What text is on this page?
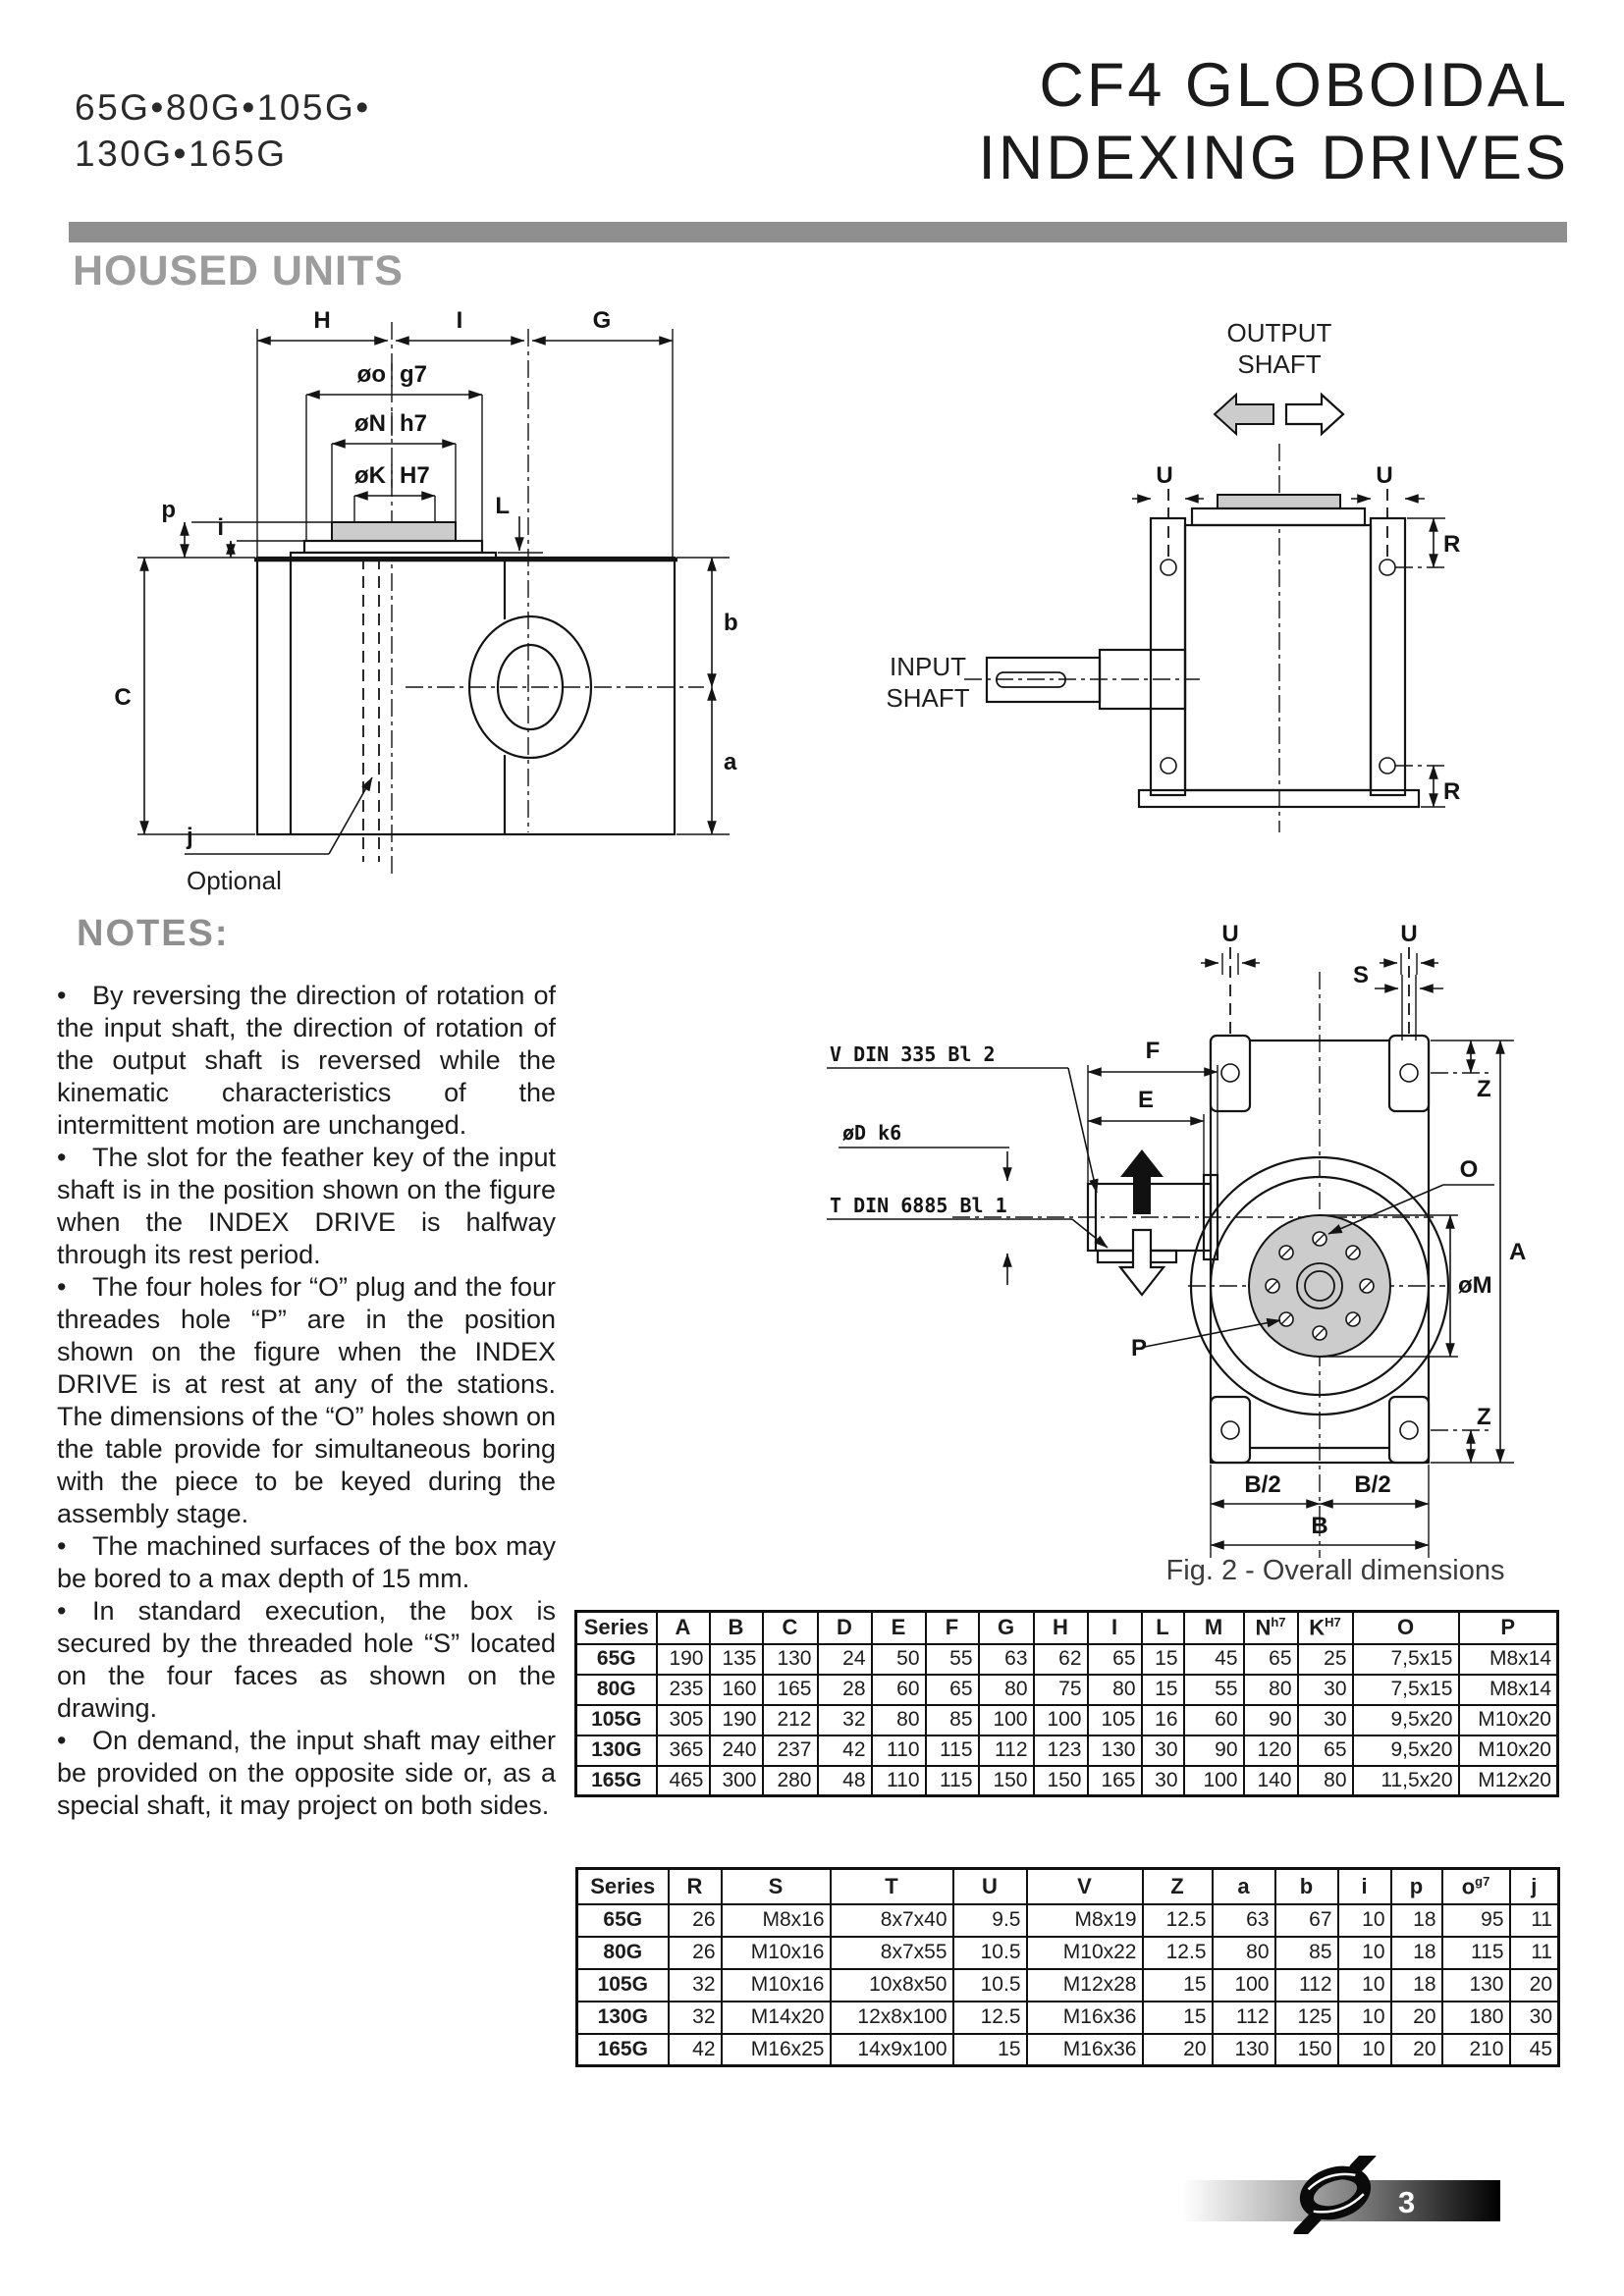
65G•80G•105G•
130G•165G
CF4 GLOBOIDAL
INDEXING DRIVES
HOUSED UNITS
H	I	G
øo g7
øN h7
øK H7
C
p
i
L
b
a
j
Optional
OUTPUT
SHAFT
INPUT
SHAFT
U	U
R
R
V DIN 335 Bl 2
øD k6
T DIN 6885 Bl 1
F
E
U	U
S
Z
A
O
øM
P
Z
B/2	B/2
B
Fig. 2 - Overall dimensions
NOTES:

• By reversing the direction of rotation of the input shaft, the direction of rotation of the output shaft is reversed while the kinematic characteristics of the intermittent motion are unchanged.

• The slot for the feather key of the input shaft is in the position shown on the figure when the INDEX DRIVE is halfway through its rest period.

• The four holes for “O” plug and the four threades hole “P” are in the position shown on the figure when the INDEX DRIVE is at rest at any of the stations. The dimensions of the “O” holes shown on the table provide for simultaneous boring with the piece to be keyed during the assembly stage.

• The machined surfaces of the box may be bored to a max depth of 15 mm.

• In standard execution, the box is secured by the threaded hole “S” located on the four faces as shown on the drawing.

• On demand, the input shaft may either be provided on the opposite side or, as a special shaft, it may project on both sides.

Series	A	B	C	D	E	F	G	H	I	L	M	$N^{h7}$	$K^{H7}$	O	P
65G	190	135	130	24	50	55	63	62	65	15	45	65	25	7,5x15	M8x14
80G	235	160	165	28	60	65	80	75	80	15	55	80	30	7,5x15	M8x14
105G	305	190	212	32	80	85	100	100	105	16	60	90	30	9,5x20	M10x20
130G	365	240	237	42	110	115	112	123	130	30	90	120	65	9,5x20	M10x20
165G	465	300	280	48	110	115	150	150	165	30	100	140	80	11,5x20	M12x20
Series	R	S	T	U	V	Z	a	b	i	p	$o^{g7}$	j
65G	26	M8x16	8x7x40	9.5	M8x19	12.5	63	67	10	18	95	11
80G	26	M10x16	8x7x55	10.5	M10x22	12.5	80	85	10	18	115	11
105G	32	M10x16	10x8x50	10.5	M12x28	15	100	112	10	18	130	20
130G	32	M14x20	12x8x100	12.5	M16x36	15	112	125	10	20	180	30
165G	42	M16x25	14x9x100	15	M16x36	20	130	150	10	20	210	45
3
